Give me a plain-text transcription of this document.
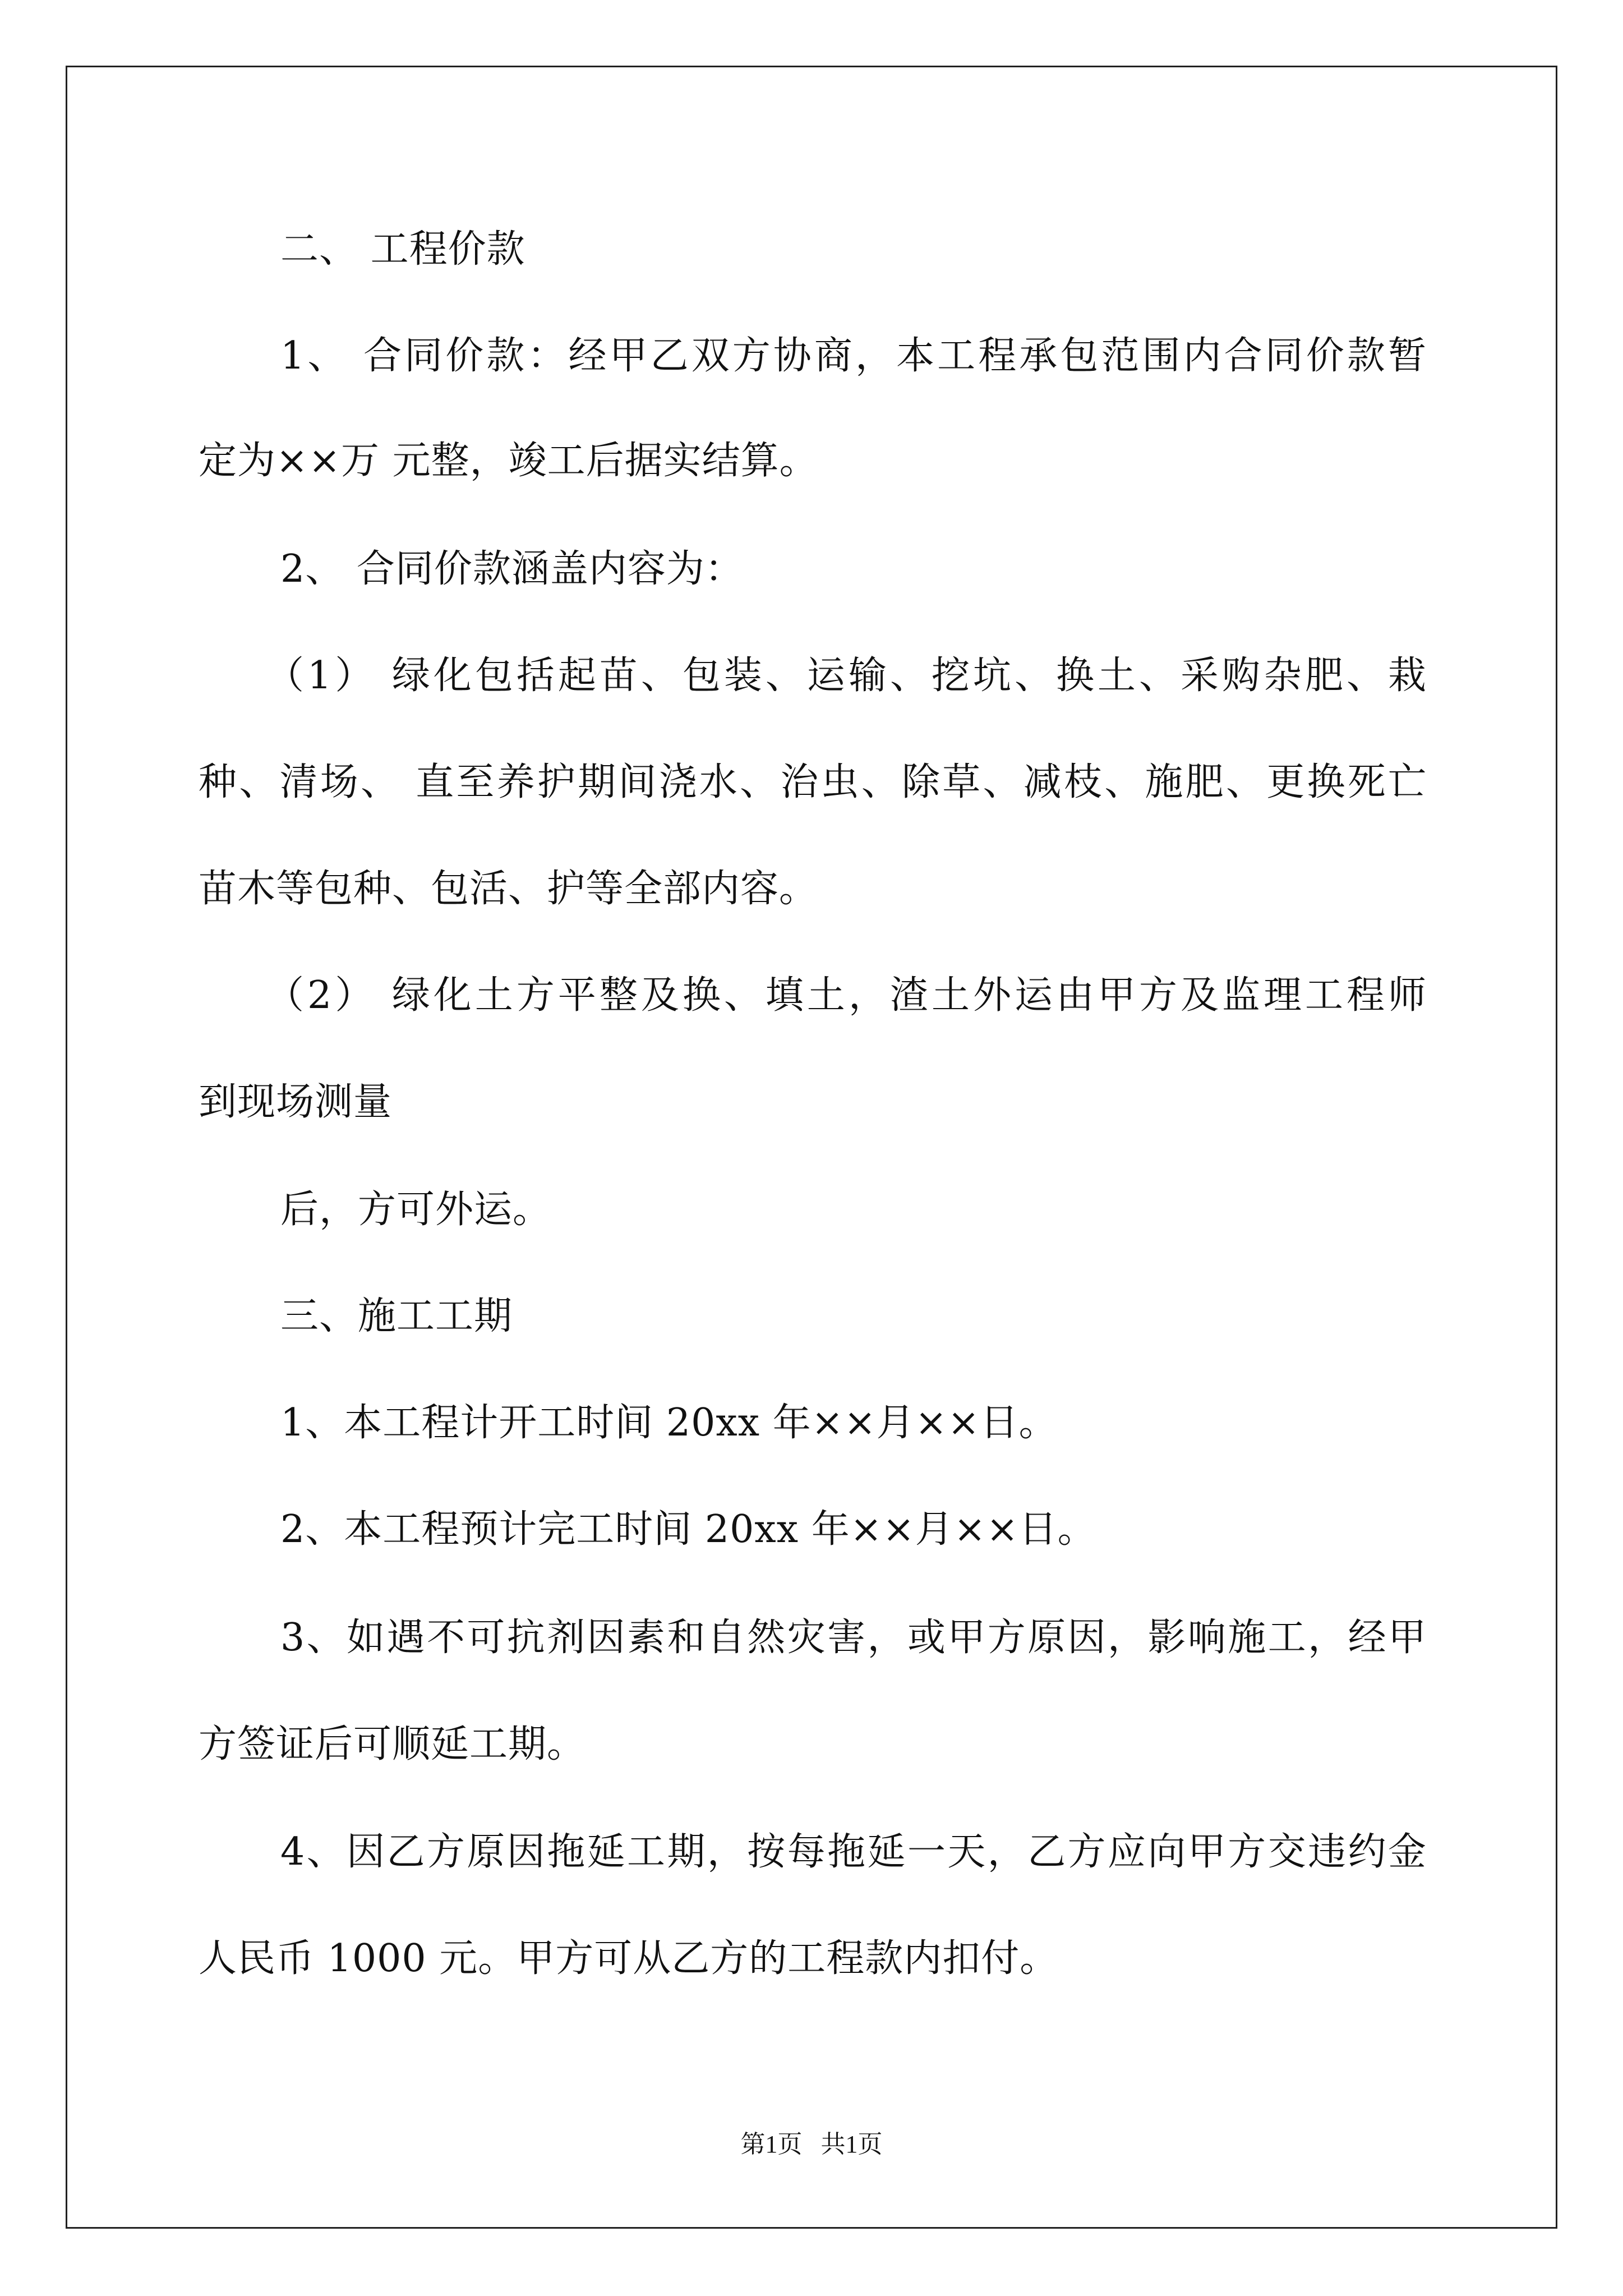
二、 工程价款
1、 合同价款：经甲乙双方协商，本工程承包范围内合同价款暂
定为××万 元整，竣工后据实结算。
2、 合同价款涵盖内容为：
（1） 绿化包括起苗、包装、运输、挖坑、换土、采购杂肥、栽
种、清场、 直至养护期间浇水、治虫、除草、减枝、施肥、更换死亡
苗木等包种、包活、护等全部内容。
（2） 绿化土方平整及换、填土，渣土外运由甲方及监理工程师
到现场测量
后，方可外运。
三、施工工期
1、本工程计开工时间 20xx 年××月××日。
2、本工程预计完工时间 20xx 年××月××日。
3、如遇不可抗剂因素和自然灾害，或甲方原因，影响施工，经甲
方签证后可顺延工期。
4、因乙方原因拖延工期，按每拖延一天，乙方应向甲方交违约金
人民币 1000 元。甲方可从乙方的工程款内扣付。
第1页   共1页
